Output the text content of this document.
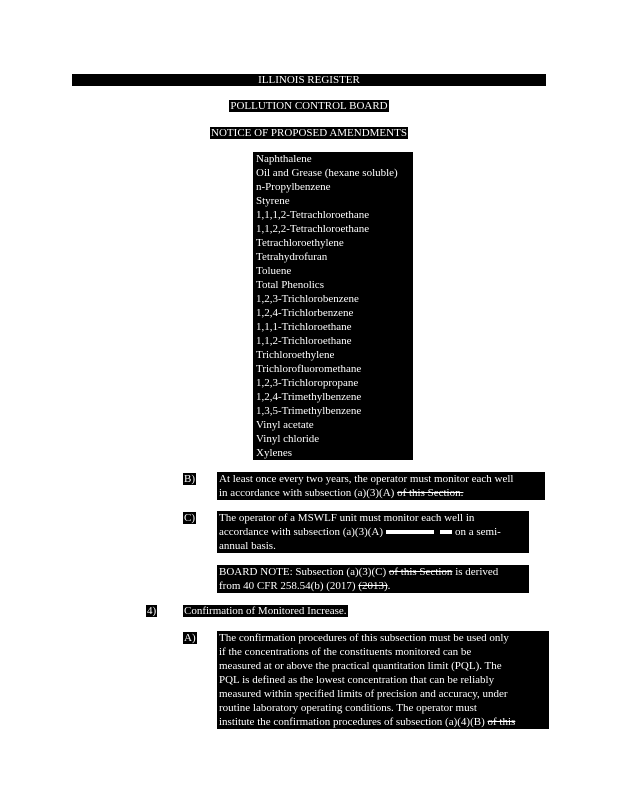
ILLINOIS REGISTER
POLLUTION CONTROL BOARD
NOTICE OF PROPOSED AMENDMENTS
Naphthalene
Oil and Grease (hexane soluble)
n-Propylbenzene
Styrene
1,1,1,2-Tetrachloroethane
1,1,2,2-Tetrachloroethane
Tetrachloroethylene
Tetrahydrofuran
Toluene
Total Phenolics
1,2,3-Trichlorobenzene
1,2,4-Trichlorbenzene
1,1,1-Trichloroethane
1,1,2-Trichloroethane
Trichloroethylene
Trichlorofluoromethane
1,2,3-Trichloropropane
1,2,4-Trimethylbenzene
1,3,5-Trimethylbenzene
Vinyl acetate
Vinyl chloride
Xylenes
B) At least once every two years, the operator must monitor each well
in accordance with subsection (a)(3)(A) of this Section.
C) The operator of a MSWLF unit must monitor each well in
accordance with subsection (a)(3)(A)	on a semi-
annual basis.
BOARD NOTE: Subsection (a)(3)(C) of this Section is derived
from 40 CFR 258.54(b) (2017) (2013).
4)	Confirmation of Monitored Increase.
A) The confirmation procedures of this subsection must be used only
if the concentrations of the constituents monitored can be
measured at or above the practical quantitation limit (PQL). The
PQL is defined as the lowest concentration that can be reliably
measured within specified limits of precision and accuracy, under
routine laboratory operating conditions. The operator must
institute the confirmation procedures of subsection (a)(4)(B) of this
